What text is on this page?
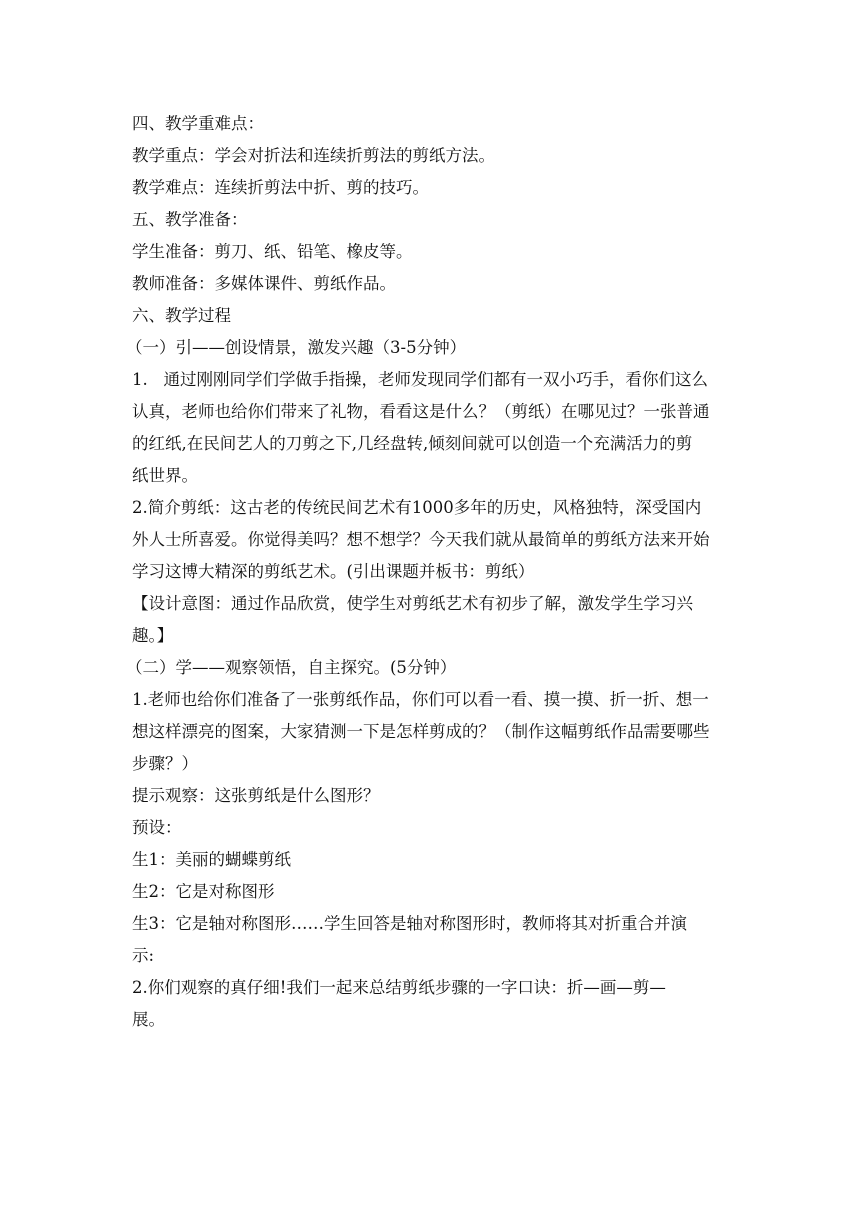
四、教学重难点：

教学重点：学会对折法和连续折剪法的剪纸方法。

教学难点：连续折剪法中折、剪的技巧。

五、教学准备：

学生准备：剪刀、纸、铅笔、橡皮等。

教师准备：多媒体课件、剪纸作品。

六、教学过程

（一）引——创设情景，激发兴趣（3-5分钟）

1.   通过刚刚同学们学做手指操，老师发现同学们都有一双小巧手，看你们这么

认真，老师也给你们带来了礼物，看看这是什么？（剪纸）在哪见过？一张普通

的红纸,在民间艺人的刀剪之下,几经盘转,倾刻间就可以创造一个充满活力的剪

纸世界。

2.简介剪纸：这古老的传统民间艺术有1000多年的历史，风格独特，深受国内

外人士所喜爱。你觉得美吗？想不想学？今天我们就从最简单的剪纸方法来开始

学习这博大精深的剪纸艺术。(引出课题并板书：剪纸）

【设计意图：通过作品欣赏，使学生对剪纸艺术有初步了解，激发学生学习兴

趣。】

（二）学——观察领悟，自主探究。(5分钟）

1.老师也给你们准备了一张剪纸作品，你们可以看一看、摸一摸、折一折、想一

想这样漂亮的图案，大家猜测一下是怎样剪成的？（制作这幅剪纸作品需要哪些

步骤？）

提示观察：这张剪纸是什么图形？

预设：

生1：美丽的蝴蝶剪纸

生2：它是对称图形

生3：它是轴对称图形……学生回答是轴对称图形时，教师将其对折重合并演

示:

2.你们观察的真仔细!我们一起来总结剪纸步骤的一字口诀：折—画—剪—

展。
